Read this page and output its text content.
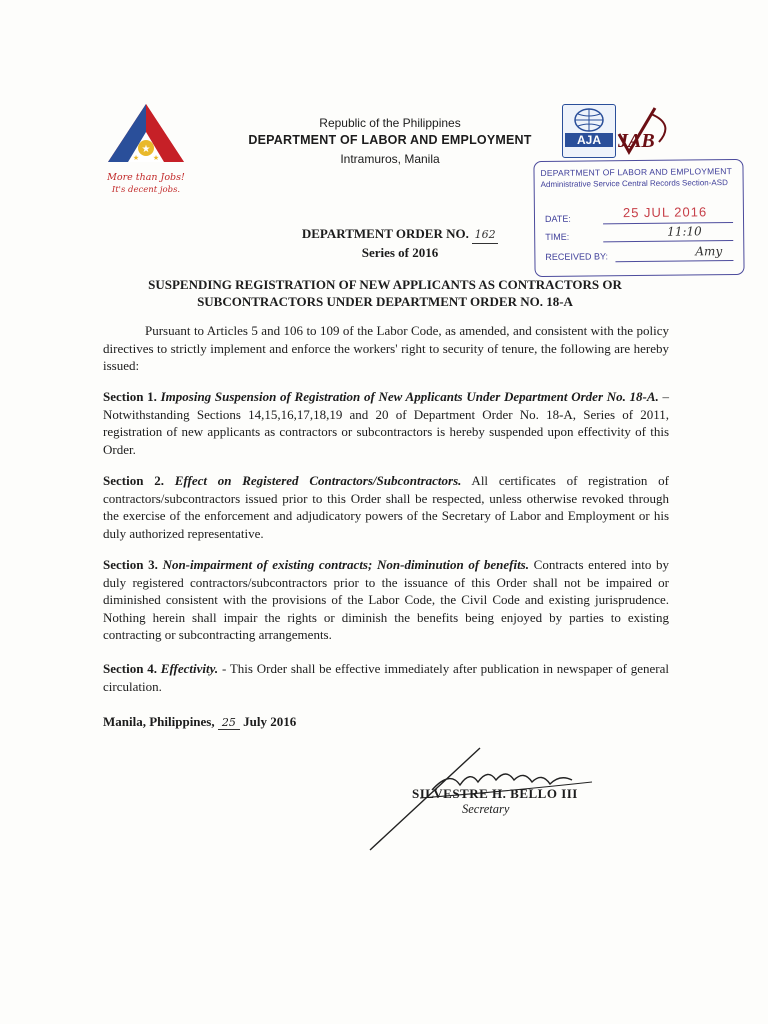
★
★ ★
More than Jobs!
It's decent jobs.
Republic of the Philippines
DEPARTMENT OF LABOR AND EMPLOYMENT
Intramuros, Manila
AJA JAB
DEPARTMENT OF LABOR AND EMPLOYMENT
Administrative Service Central Records Section-ASD
DATE:	25 JUL 2016
TIME:	11:10
RECEIVED BY:	Amy
DEPARTMENT ORDER NO. 162
Series of 2016
SUSPENDING REGISTRATION OF NEW APPLICANTS AS CONTRACTORS OR
SUBCONTRACTORS UNDER DEPARTMENT ORDER NO. 18-A
Pursuant to Articles 5 and 106 to 109 of the Labor Code, as amended, and consistent with the policy directives to strictly implement and enforce the workers' right to security of tenure, the following are hereby issued:
Section 1. Imposing Suspension of Registration of New Applicants Under Department Order No. 18-A. – Notwithstanding Sections 14,15,16,17,18,19 and 20 of Department Order No. 18-A, Series of 2011, registration of new applicants as contractors or subcontractors is hereby suspended upon effectivity of this Order.
Section 2. Effect on Registered Contractors/Subcontractors. All certificates of registration of contractors/subcontractors issued prior to this Order shall be respected, unless otherwise revoked through the exercise of the enforcement and adjudicatory powers of the Secretary of Labor and Employment or his duly authorized representative.
Section 3. Non-impairment of existing contracts; Non-diminution of benefits. Contracts entered into by duly registered contractors/subcontractors prior to the issuance of this Order shall not be impaired or diminished consistent with the provisions of the Labor Code, the Civil Code and existing jurisprudence. Nothing herein shall impair the rights or diminish the benefits being enjoyed by parties to existing contracting or subcontracting arrangements.
Section 4. Effectivity. - This Order shall be effective immediately after publication in newspaper of general circulation.
Manila, Philippines, 25 July 2016
SILVESTRE H. BELLO III
Secretary
